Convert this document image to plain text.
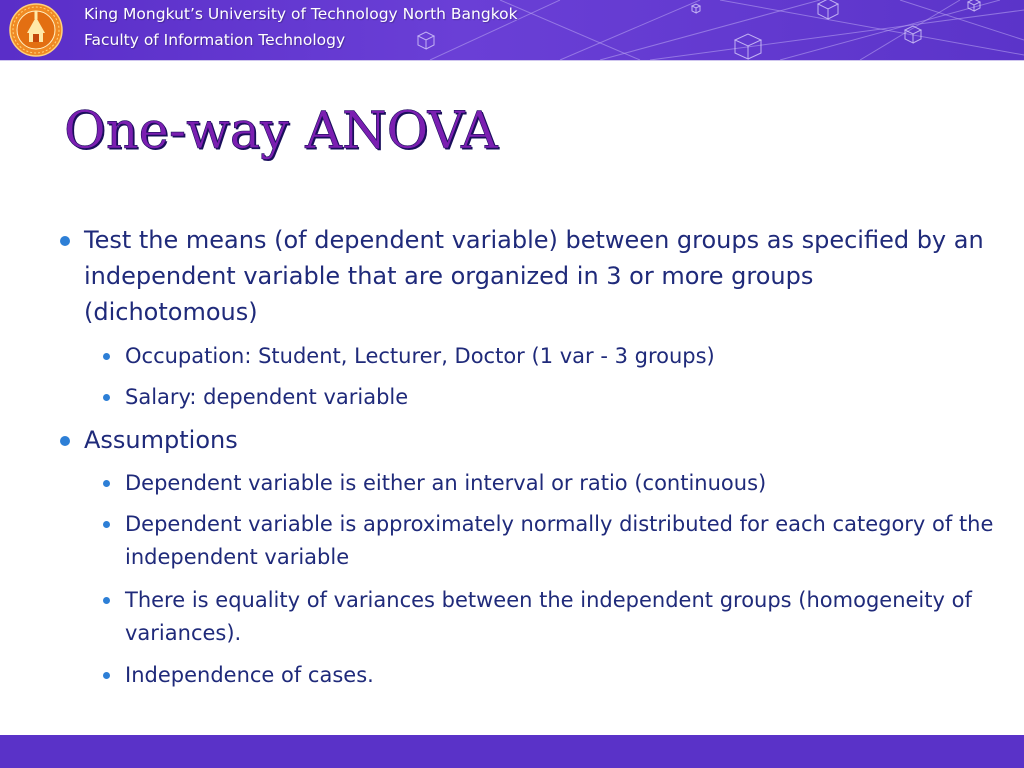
King Mongkut’s University of Technology North Bangkok
Faculty of Information Technology
One-way ANOVA
Test the means (of dependent variable) between groups as specified by an independent variable that are organized in 3 or more groups (dichotomous)
Occupation: Student, Lecturer, Doctor (1 var - 3 groups)
Salary: dependent variable
Assumptions
Dependent variable is either an interval or ratio (continuous)
Dependent variable is approximately normally distributed for each category of the independent variable
There is equality of variances between the independent groups (homogeneity of variances).
Independence of cases.
